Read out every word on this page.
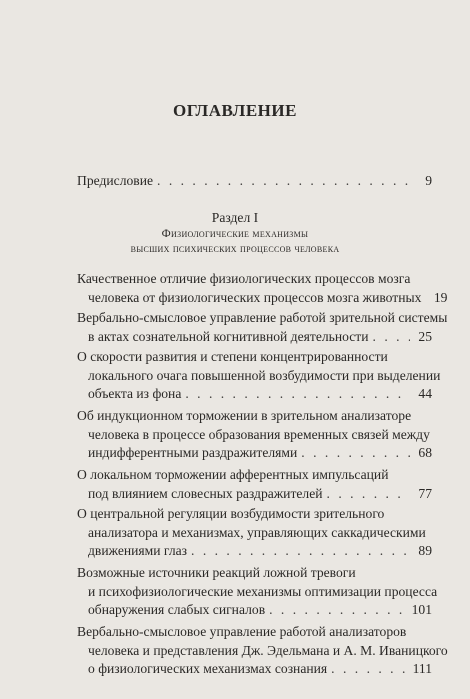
ОГЛАВЛЕНИЕ
Предисловие . . .	9
Раздел I
Физиологические механизмы
высших психических процессов человека
Качественное отличие физиологических процессов мозга
человека от физиологических процессов мозга животных 19
Вербально-смысловое управление работой зрительной системы
в актах сознательной когнитивной деятельности . . .	25
О скорости развития и степени концентрированности
локального очага повышенной возбудимости при выделении
объекта из фона . . .	44
Об индукционном торможении в зрительном анализаторе
человека в процессе образования временных связей между
индифферентными раздражителями . . .	68
О локальном торможении афферентных импульсаций
под влиянием словесных раздражителей . . .	77
О центральной регуляции возбудимости зрительного
анализатора и механизмах, управляющих саккадическими
движениями глаз . . .	89
Возможные источники реакций ложной тревоги
и психофизиологические механизмы оптимизации процесса
обнаружения слабых сигналов . . .	101
Вербально-смысловое управление работой анализаторов
человека и представления Дж. Эдельмана и А. М. Иваницкого
о физиологических механизмах сознания . . .	111
